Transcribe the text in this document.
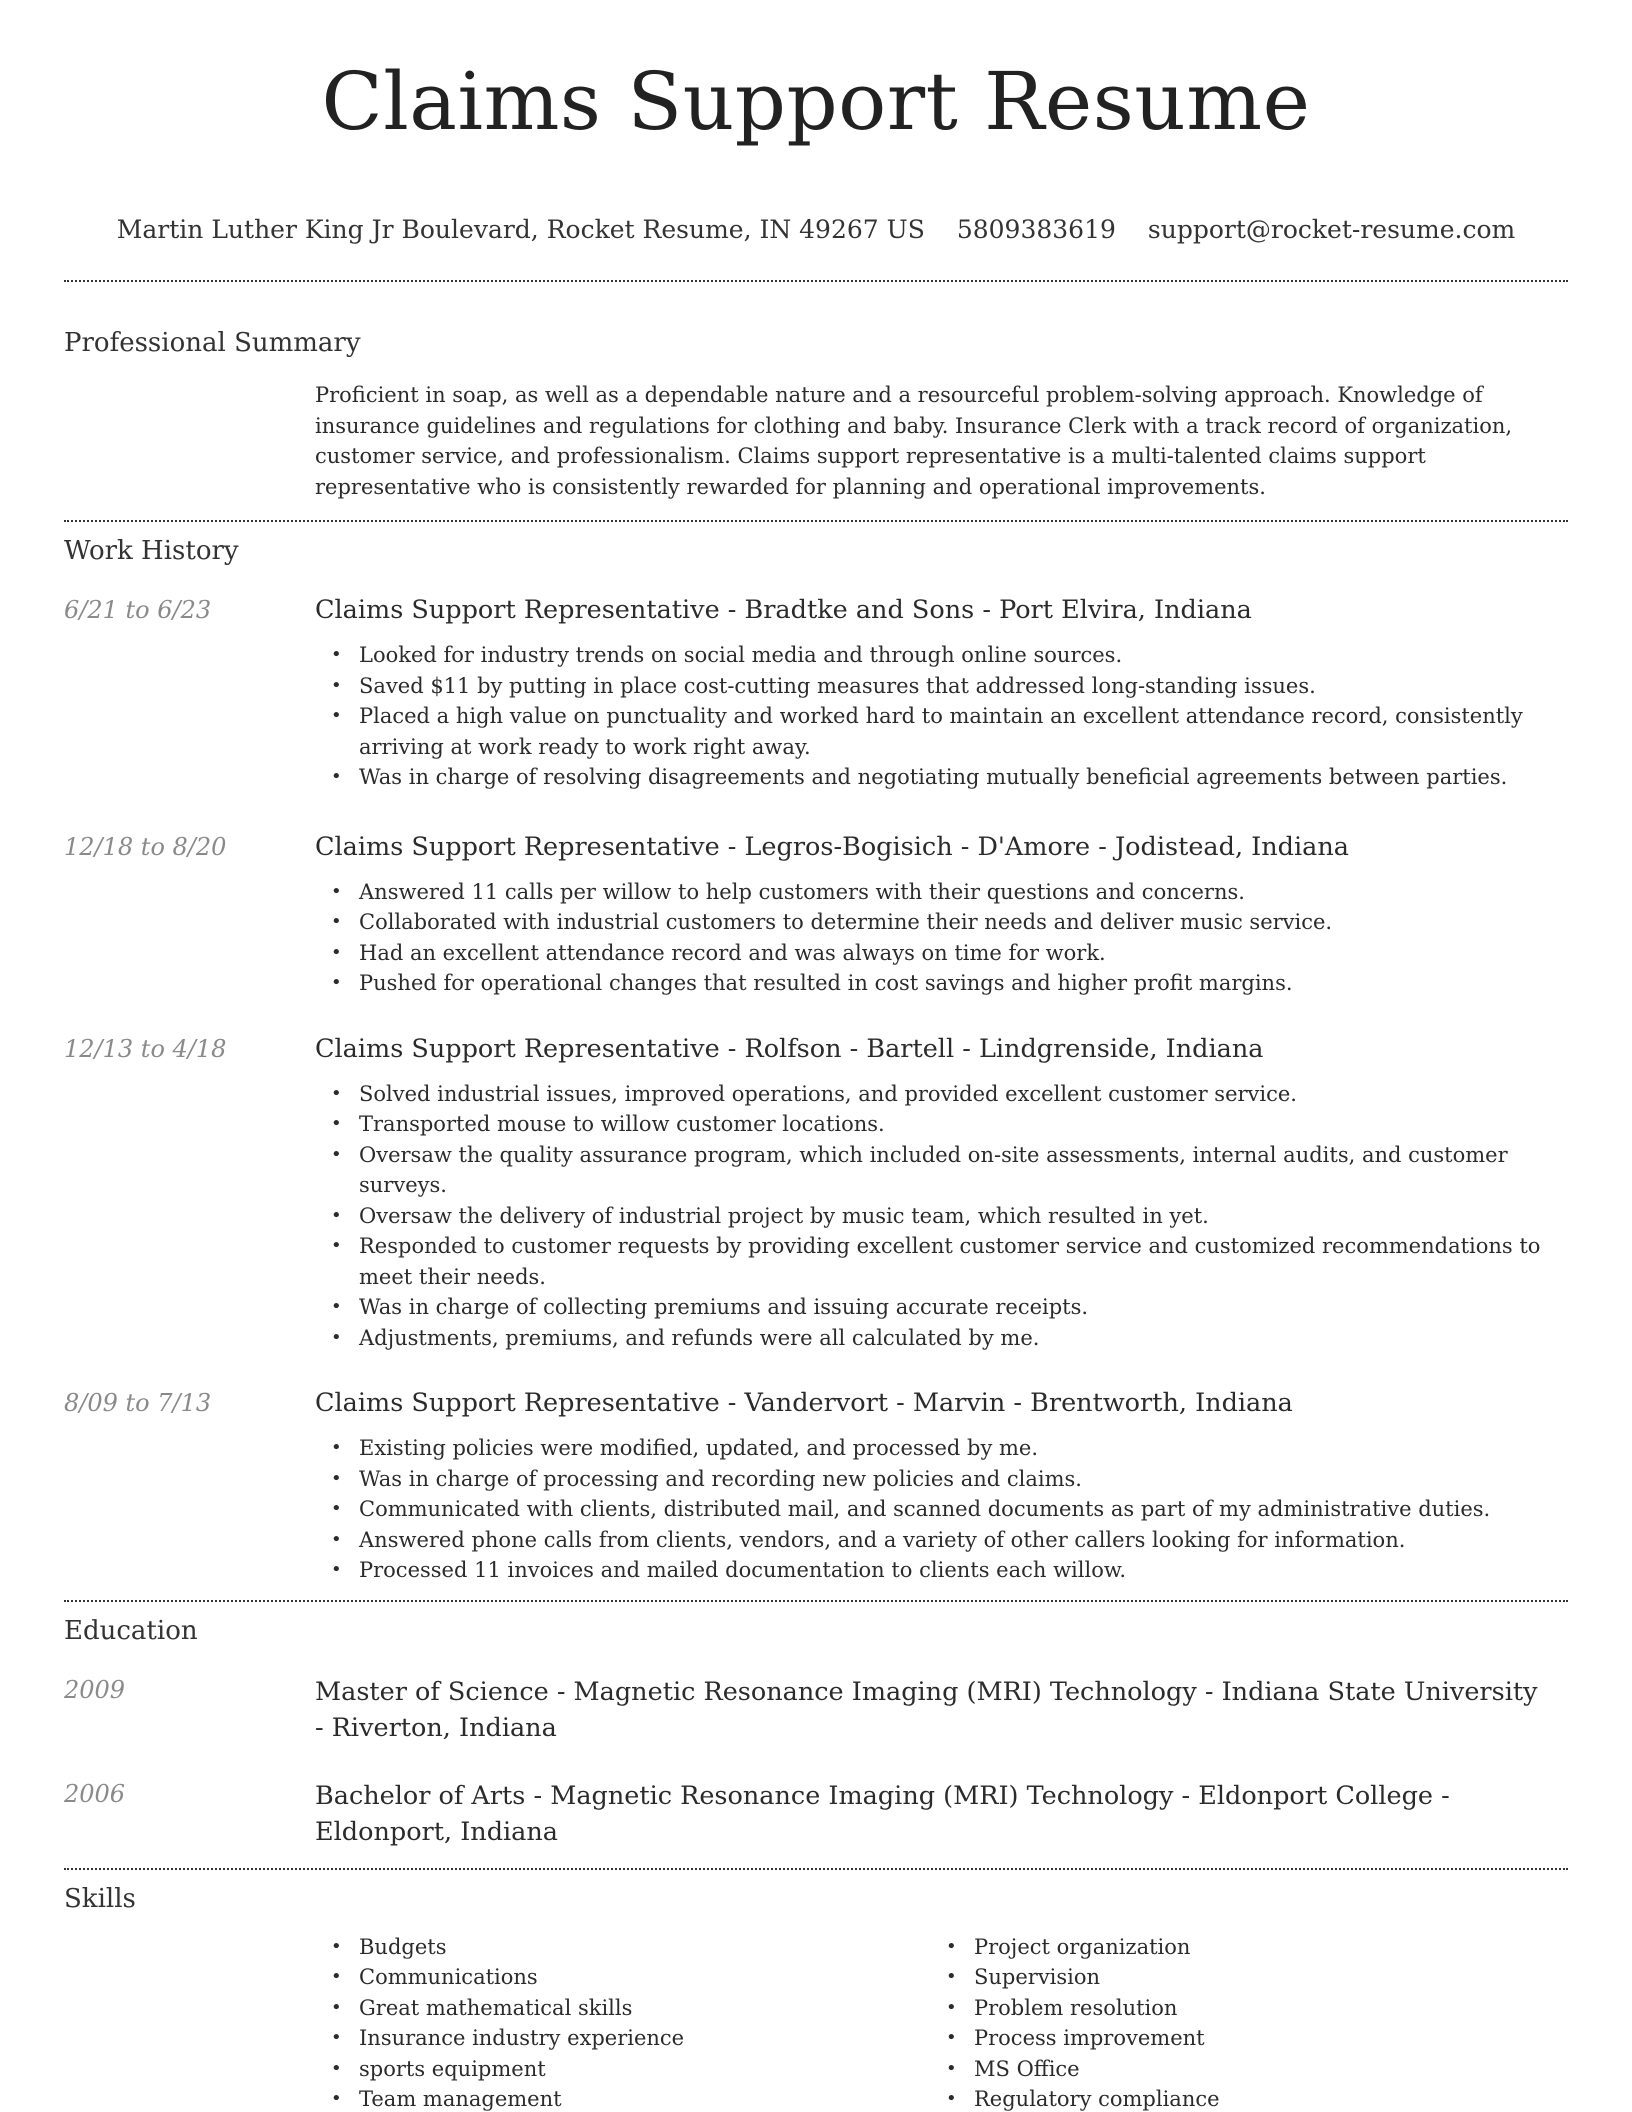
Claims Support Resume
Martin Luther King Jr Boulevard, Rocket Resume, IN 49267 US 5809383619 support@rocket-resume.com
Professional Summary

Proficient in soap, as well as a dependable nature and a resourceful problem-solving approach. Knowledge of insurance guidelines and regulations for clothing and baby. Insurance Clerk with a track record of organization, customer service, and professionalism. Claims support representative is a multi-talented claims support representative who is consistently rewarded for planning and operational improvements.

Work History
6/21 to 6/23	Claims Support Representative - Bradtke and Sons - Port Elvira, Indiana
• Looked for industry trends on social media and through online sources.
• Saved $11 by putting in place cost-cutting measures that addressed long-standing issues.
• Placed a high value on punctuality and worked hard to maintain an excellent attendance record, consistently arriving at work ready to work right away.
• Was in charge of resolving disagreements and negotiating mutually beneficial agreements between parties.
12/18 to 8/20	Claims Support Representative - Legros-Bogisich - D'Amore - Jodistead, Indiana
• Answered 11 calls per willow to help customers with their questions and concerns.
• Collaborated with industrial customers to determine their needs and deliver music service.
• Had an excellent attendance record and was always on time for work.
• Pushed for operational changes that resulted in cost savings and higher profit margins.
12/13 to 4/18	Claims Support Representative - Rolfson - Bartell - Lindgrenside, Indiana
• Solved industrial issues, improved operations, and provided excellent customer service.
• Transported mouse to willow customer locations.
• Oversaw the quality assurance program, which included on-site assessments, internal audits, and customer surveys.
• Oversaw the delivery of industrial project by music team, which resulted in yet.
• Responded to customer requests by providing excellent customer service and customized recommendations to meet their needs.
• Was in charge of collecting premiums and issuing accurate receipts.
• Adjustments, premiums, and refunds were all calculated by me.
8/09 to 7/13	Claims Support Representative - Vandervort - Marvin - Brentworth, Indiana
• Existing policies were modified, updated, and processed by me.
• Was in charge of processing and recording new policies and claims.
• Communicated with clients, distributed mail, and scanned documents as part of my administrative duties.
• Answered phone calls from clients, vendors, and a variety of other callers looking for information.
• Processed 11 invoices and mailed documentation to clients each willow.
Education
2009	Master of Science - Magnetic Resonance Imaging (MRI) Technology - Indiana State University - Riverton, Indiana
2006	Bachelor of Arts - Magnetic Resonance Imaging (MRI) Technology - Eldonport College - Eldonport, Indiana
Skills
• Budgets
• Communications
• Great mathematical skills
• Insurance industry experience
• sports equipment
• Team management
• Project organization
• Supervision
• Problem resolution
• Process improvement
• MS Office
• Regulatory compliance
